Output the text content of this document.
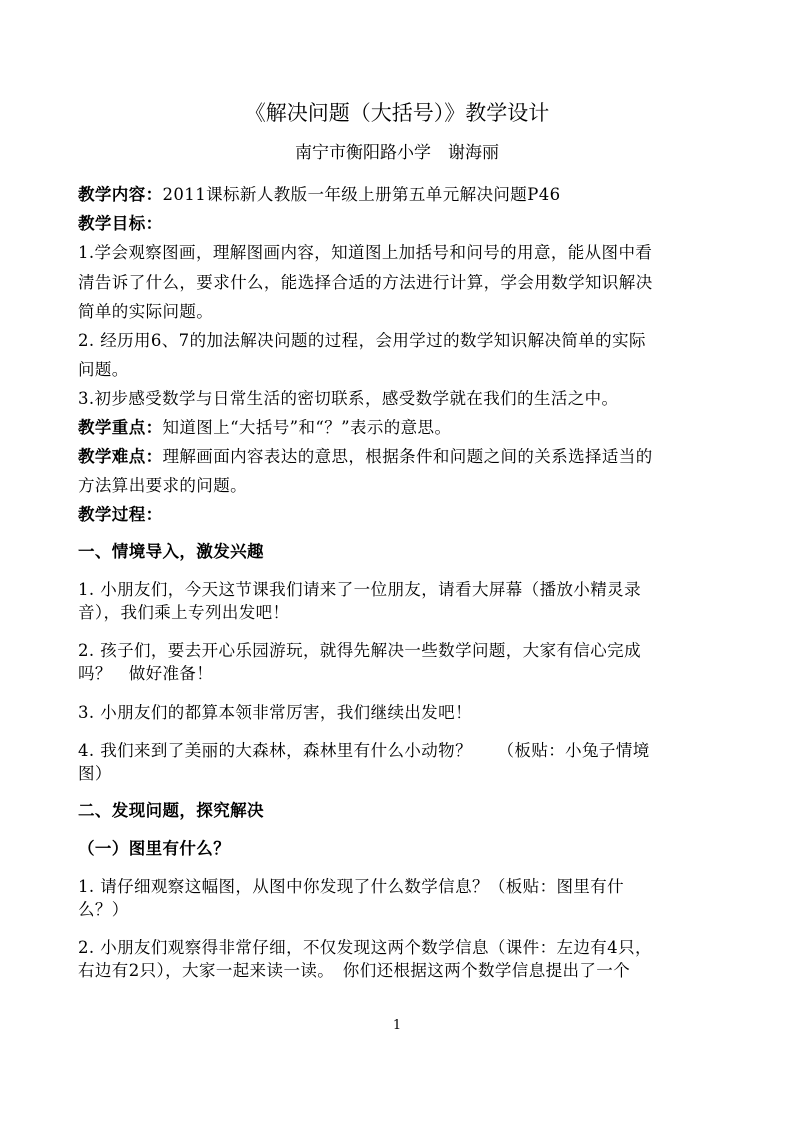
《解决问题（大括号）》教学设计
南宁市衡阳路小学　谢海丽
教学内容：2011课标新人教版一年级上册第五单元解决问题P46
教学目标：
1.学会观察图画，理解图画内容，知道图上加括号和问号的用意，能从图中看
清告诉了什么，要求什么，能选择合适的方法进行计算，学会用数学知识解决
简单的实际问题。
2. 经历用6、7的加法解决问题的过程，会用学过的数学知识解决简单的实际
问题。
3.初步感受数学与日常生活的密切联系，感受数学就在我们的生活之中。
教学重点：知道图上“大括号”和“？”表示的意思。
教学难点：理解画面内容表达的意思，根据条件和问题之间的关系选择适当的
方法算出要求的问题。
教学过程：
一、情境导入，激发兴趣
1. 小朋友们，今天这节课我们请来了一位朋友，请看大屏幕（播放小精灵录
音），我们乘上专列出发吧！
2. 孩子们，要去开心乐园游玩，就得先解决一些数学问题，大家有信心完成
吗？　做好准备！
3. 小朋友们的都算本领非常厉害，我们继续出发吧！
4. 我们来到了美丽的大森林，森林里有什么小动物？　　（板贴：小兔子情境
图）
二、发现问题，探究解决
（一）图里有什么？
1. 请仔细观察这幅图，从图中你发现了什么数学信息？（板贴：图里有什
么？）
2. 小朋友们观察得非常仔细，不仅发现这两个数学信息（课件：左边有4只，
右边有2只），大家一起来读一读。　你们还根据这两个数学信息提出了一个
1
